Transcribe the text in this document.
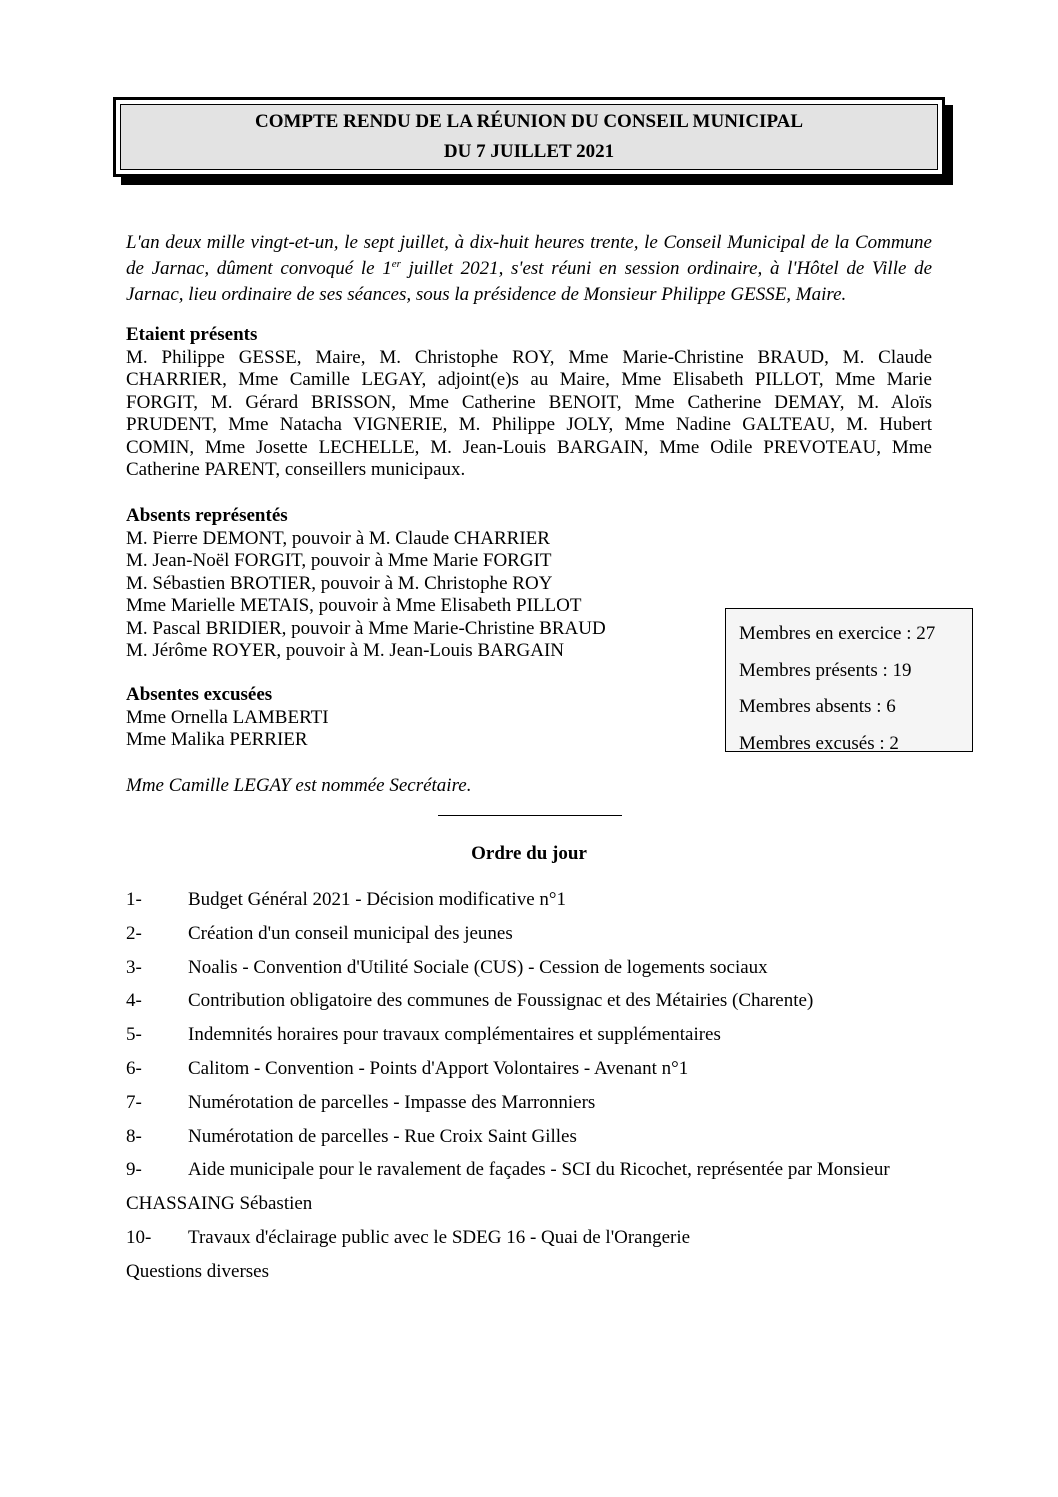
COMPTE RENDU DE LA RÉUNION DU CONSEIL MUNICIPAL
DU 7 JUILLET 2021

L'an deux mille vingt-et-un, le sept juillet, à dix-huit heures trente, le Conseil Municipal de la Commune de Jarnac, dûment convoqué le 1er juillet 2021, s'est réuni en session ordinaire, à l'Hôtel de Ville de Jarnac, lieu ordinaire de ses séances, sous la présidence de Monsieur Philippe GESSE, Maire.

Etaient présents
M. Philippe GESSE, Maire, M. Christophe ROY, Mme Marie-Christine BRAUD, M. Claude CHARRIER, Mme Camille LEGAY, adjoint(e)s au Maire, Mme Elisabeth PILLOT, Mme Marie FORGIT, M. Gérard BRISSON, Mme Catherine BENOIT, Mme Catherine DEMAY, M. Aloïs PRUDENT, Mme Natacha VIGNERIE, M. Philippe JOLY, Mme Nadine GALTEAU, M. Hubert COMIN, Mme Josette LECHELLE, M. Jean-Louis BARGAIN, Mme Odile PREVOTEAU, Mme Catherine PARENT, conseillers municipaux.
Absents représentés
M. Pierre DEMONT, pouvoir à M. Claude CHARRIER
M. Jean-Noël FORGIT, pouvoir à Mme Marie FORGIT
M. Sébastien BROTIER, pouvoir à M. Christophe ROY
Mme Marielle METAIS, pouvoir à Mme Elisabeth PILLOT
M. Pascal BRIDIER, pouvoir à Mme Marie-Christine BRAUD
M. Jérôme ROYER, pouvoir à M. Jean-Louis BARGAIN
Absentes excusées
Mme Ornella LAMBERTI
Mme Malika PERRIER
Membres en exercice : 27
Membres présents : 19
Membres absents : 6
Membres excusés : 2
Mme Camille LEGAY est nommée Secrétaire.
Ordre du jour
1- Budget Général 2021 - Décision modificative n°1
2- Création d'un conseil municipal des jeunes
3- Noalis - Convention d'Utilité Sociale (CUS) - Cession de logements sociaux
4- Contribution obligatoire des communes de Foussignac et des Métairies (Charente)
5- Indemnités horaires pour travaux complémentaires et supplémentaires
6- Calitom - Convention - Points d'Apport Volontaires - Avenant n°1
7- Numérotation de parcelles - Impasse des Marronniers
8- Numérotation de parcelles - Rue Croix Saint Gilles
9-	Aide municipale pour le ravalement de façades - SCI du Ricochet, représentée par Monsieur CHASSAING Sébastien
10- Travaux d'éclairage public avec le SDEG 16 - Quai de l'Orangerie
Questions diverses
